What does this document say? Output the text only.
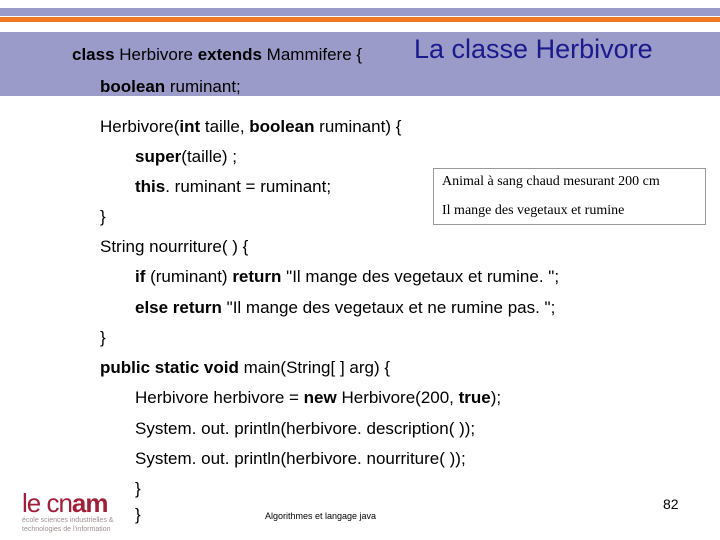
La classe Herbivore
class Herbivore extends Mammifere {
boolean ruminant;
Herbivore(int taille, boolean ruminant) {
super(taille) ;
this. ruminant = ruminant;
}
String nourriture( ) {
if (ruminant) return "Il mange des vegetaux et rumine. ";
else return "Il mange des vegetaux et ne rumine pas. ";
}
public static void main(String[ ] arg) {
Herbivore herbivore = new Herbivore(200, true);
System. out. println(herbivore. description( ));
System. out. println(herbivore. nourriture( ));
}
}
Animal à sang chaud mesurant 200 cm
Il mange des vegetaux et rumine
le cnam
école sciences industrielles &
technologies de l'information
Algorithmes et langage java
82
